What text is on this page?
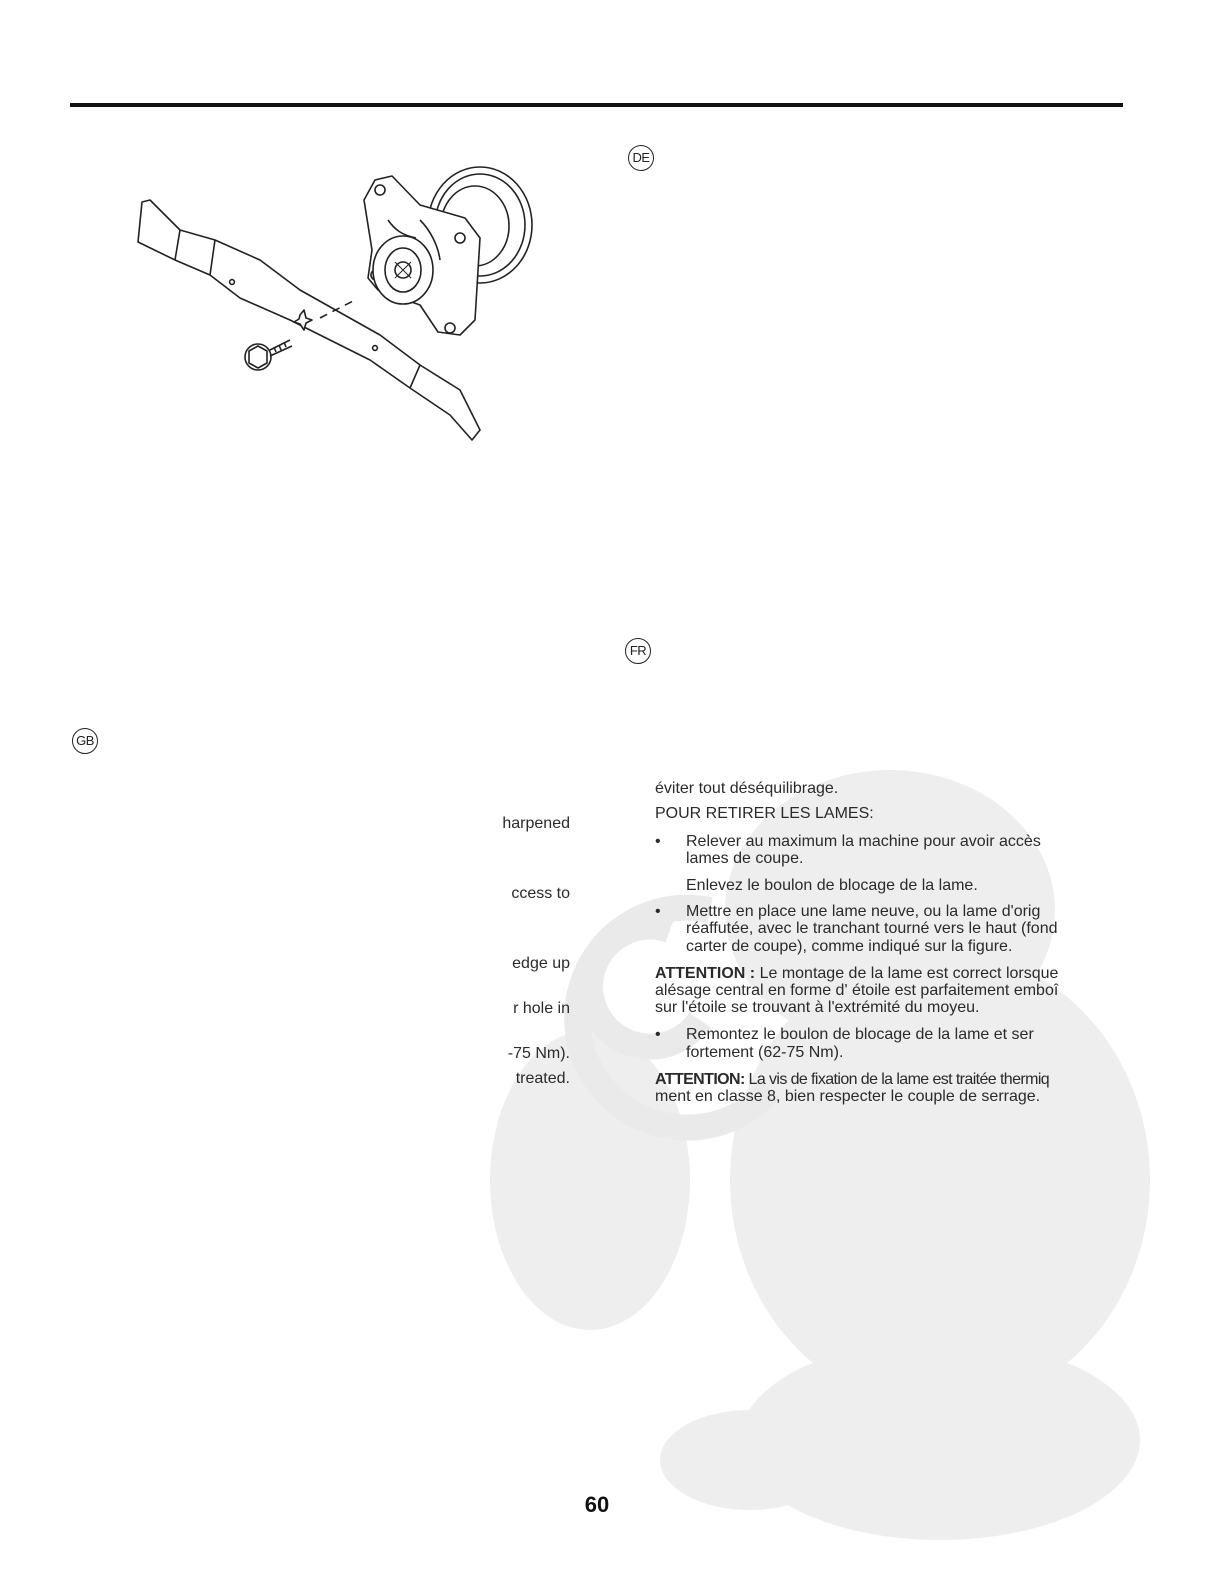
DE
FR
GB
harpened
ccess to
edge up
r hole in
-75 Nm).
treated.
éviter tout déséquilibrage.
POUR RETIRER LES LAMES:
• Relever au maximum la machine pour avoir accès
lames de coupe.
Enlevez le boulon de blocage de la lame.
• Mettre en place une lame neuve, ou la lame d'orig
réaffutée, avec le tranchant tourné vers le haut (fond
carter de coupe), comme indiqué sur la figure.
ATTENTION : Le montage de la lame est correct lorsque
alésage central en forme d' étoile est parfaitement emboî
sur l'étoile se trouvant à l'extrémité du moyeu.
• Remontez le boulon de blocage de la lame et ser
fortement (62-75 Nm).
ATTENTION: La vis de fixation de la lame est traitée thermiq
ment en classe 8, bien respecter le couple de serrage.
60
